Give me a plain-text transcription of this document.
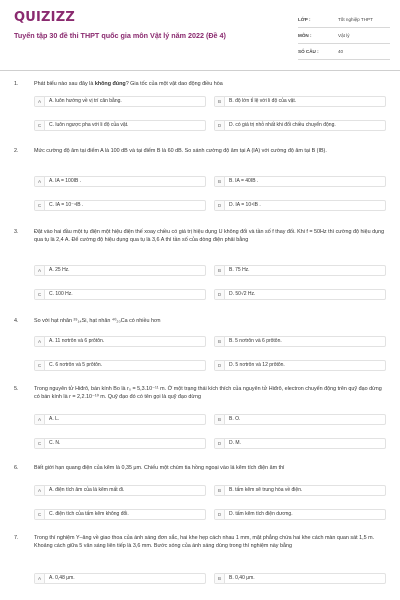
QUIZIZZ
Tuyển tập 30 đề thi THPT quốc gia môn Vật lý năm 2022 (Đề 4)
LỚP :	Tốt nghiệp THPT
MÔN :	Vật lý
SỐ CÂU :	40
1.	Phát biểu nào sau đây là không đúng? Gia tốc của một vật dao động điều hòa
A	A. luôn hướng về vị trí cân bằng.	B	B. độ lớn tỉ lệ với li độ của vật.
C	C. luôn ngược pha với li độ của vật.	D	D. có giá trị nhỏ nhất khi đổi chiều chuyển động.
2.	Mức cường độ âm tại điểm A là 100 dB và tại điểm B là 60 dB. So sánh cường độ âm tại A (IA) với cường độ âm tại B (IB).
A	A. IA = 100IB .	B	B. IA = 40IB .
C	C. IA = 10⁻⁴IB .	D	D. IA = 10⁴IB .
3.	Đặt vào hai đầu một tụ điện một hiệu điện thế xoay chiều có giá trị hiệu dụng U không đổi và tần số f thay đổi. Khi f = 50Hz thì cường độ hiệu dụng qua tụ là 2,4 A. Để cường độ hiệu dụng qua tụ là 3,6 A thì tần số của dòng điện phải bằng
A	A. 25 Hz.	B	B. 75 Hz.
C	C. 100 Hz.	D	D. 50√2 Hz.
4.	So với hạt nhân ²⁹₁₄Si, hạt nhân ⁴⁰₂₀Ca có nhiều hơn
A	A. 11 nơtrôn và 6 prôtôn.	B	B. 5 nơtrôn và 6 prôtôn.
C	C. 6 nơtrôn và 5 prôtôn.	D	D. 5 nơtrôn và 12 prôtôn.
5.	Trong nguyên tử Hiđrô, bán kính Bo là r₀ = 5,3.10⁻¹¹ m. Ở một trạng thái kích thích của nguyên tử Hiđrô, electron chuyển động trên quỹ đạo dừng có bán kính là r = 2,2.10⁻¹⁰ m. Quỹ đạo đó có tên gọi là quỹ đạo dừng
A	A. L.	B	B. O.
C	C. N.	D	D. M.
6.	Biết giới hạn quang điện của kẽm là 0,35 μm. Chiếu một chùm tia hồng ngoại vào lá kẽm tích điện âm thì
A	A. điện tích âm của lá kẽm mất đi.	B	B. tấm kẽm sẽ trung hòa về điện.
C	C. điện tích của tấm kẽm không đổi.	D	D. tấm kẽm tích điện dương.
7.	Trong thí nghiệm Y–âng về giao thoa của ánh sáng đơn sắc, hai khe hẹp cách nhau 1 mm, mặt phẳng chứa hai khe cách màn quan sát 1,5 m. Khoảng cách giữa 5 vân sáng liên tiếp là 3,6 mm. Bước sóng của ánh sáng dùng trong thí nghiệm này bằng
A	A. 0,48 μm.	B	B. 0,40 μm.
